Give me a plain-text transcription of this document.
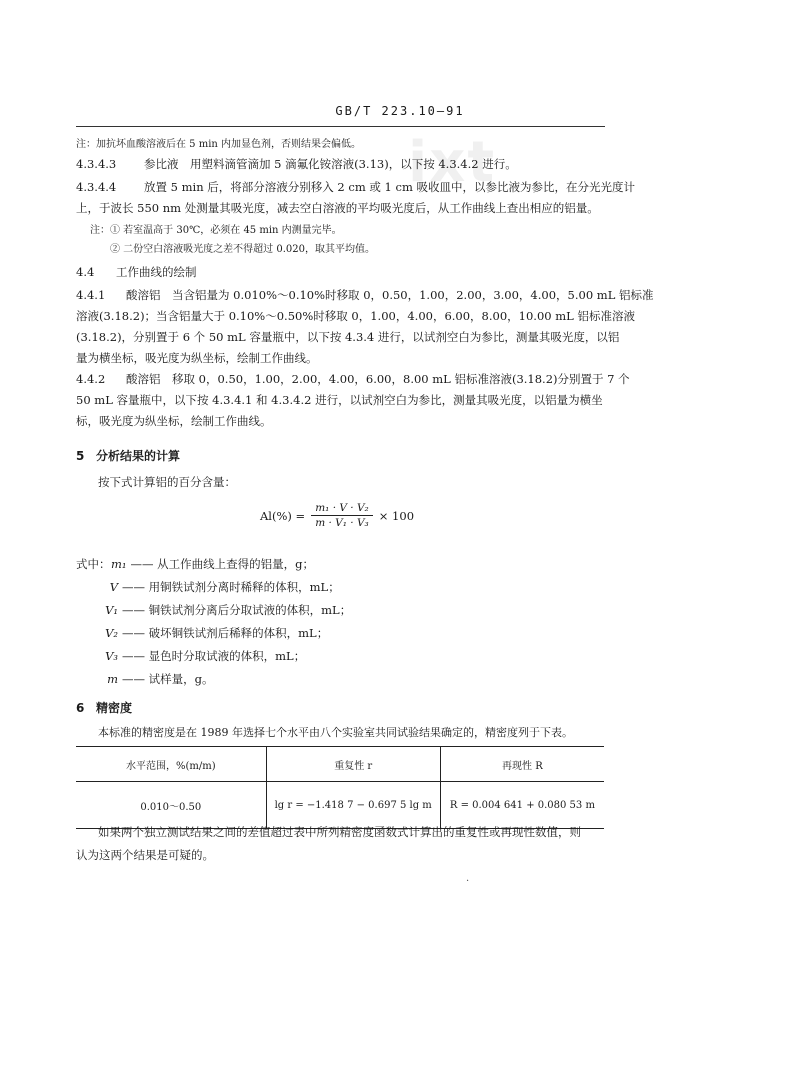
ixt
GB/T 223.10—91
注：加抗坏血酸溶液后在 5 min 内加显色剂，否则结果会偏低。
4.3.4.3 参比液　用塑料滴管滴加 5 滴氟化铵溶液(3.13)，以下按 4.3.4.2 进行。
4.3.4.4 放置 5 min 后，将部分溶液分别移入 2 cm 或 1 cm 吸收皿中，以参比液为参比，在分光光度计
上，于波长 550 nm 处测量其吸光度，减去空白溶液的平均吸光度后，从工作曲线上查出相应的铝量。
注：① 若室温高于 30℃，必须在 45 min 内测量完毕。
② 二份空白溶液吸光度之差不得超过 0.020，取其平均值。
4.4 工作曲线的绘制
4.4.1 酸溶铝　当含铝量为 0.010%～0.10%时移取 0，0.50，1.00，2.00，3.00，4.00，5.00 mL 铝标准
溶液(3.18.2)；当含铝量大于 0.10%～0.50%时移取 0，1.00，4.00，6.00，8.00，10.00 mL 铝标准溶液
(3.18.2)，分别置于 6 个 50 mL 容量瓶中，以下按 4.3.4 进行，以试剂空白为参比，测量其吸光度，以铝
量为横坐标，吸光度为纵坐标，绘制工作曲线。
4.4.2 酸溶铝　移取 0，0.50，1.00，2.00，4.00，6.00，8.00 mL 铝标准溶液(3.18.2)分别置于 7 个
50 mL 容量瓶中，以下按 4.3.4.1 和 4.3.4.2 进行，以试剂空白为参比，测量其吸光度，以铝量为横坐
标，吸光度为纵坐标，绘制工作曲线。
5 分析结果的计算
按下式计算铝的百分含量：
$Al(\%) = \frac{\text{m₁ · V · V₂}}{\text{m · V₁ · V₃}} \times 100$
式中：m₁ —— 从工作曲线上查得的铝量，g；
V —— 用铜铁试剂分离时稀释的体积，mL；
V₁ —— 铜铁试剂分离后分取试液的体积，mL；
V₂ —— 破坏铜铁试剂后稀释的体积，mL；
V₃ —— 显色时分取试液的体积，mL；
m —— 试样量，g。
6 精密度
本标准的精密度是在 1989 年选择七个水平由八个实验室共同试验结果确定的，精密度列于下表。
水平范围，%(m/m)	重复性 r	再现性 R
0.010～0.50	lg r = −1.418 7 − 0.697 5 lg m	R = 0.004 641 + 0.080 53 m
如果两个独立测试结果之间的差值超过表中所列精密度函数式计算出的重复性或再现性数值，则
认为这两个结果是可疑的。
·
